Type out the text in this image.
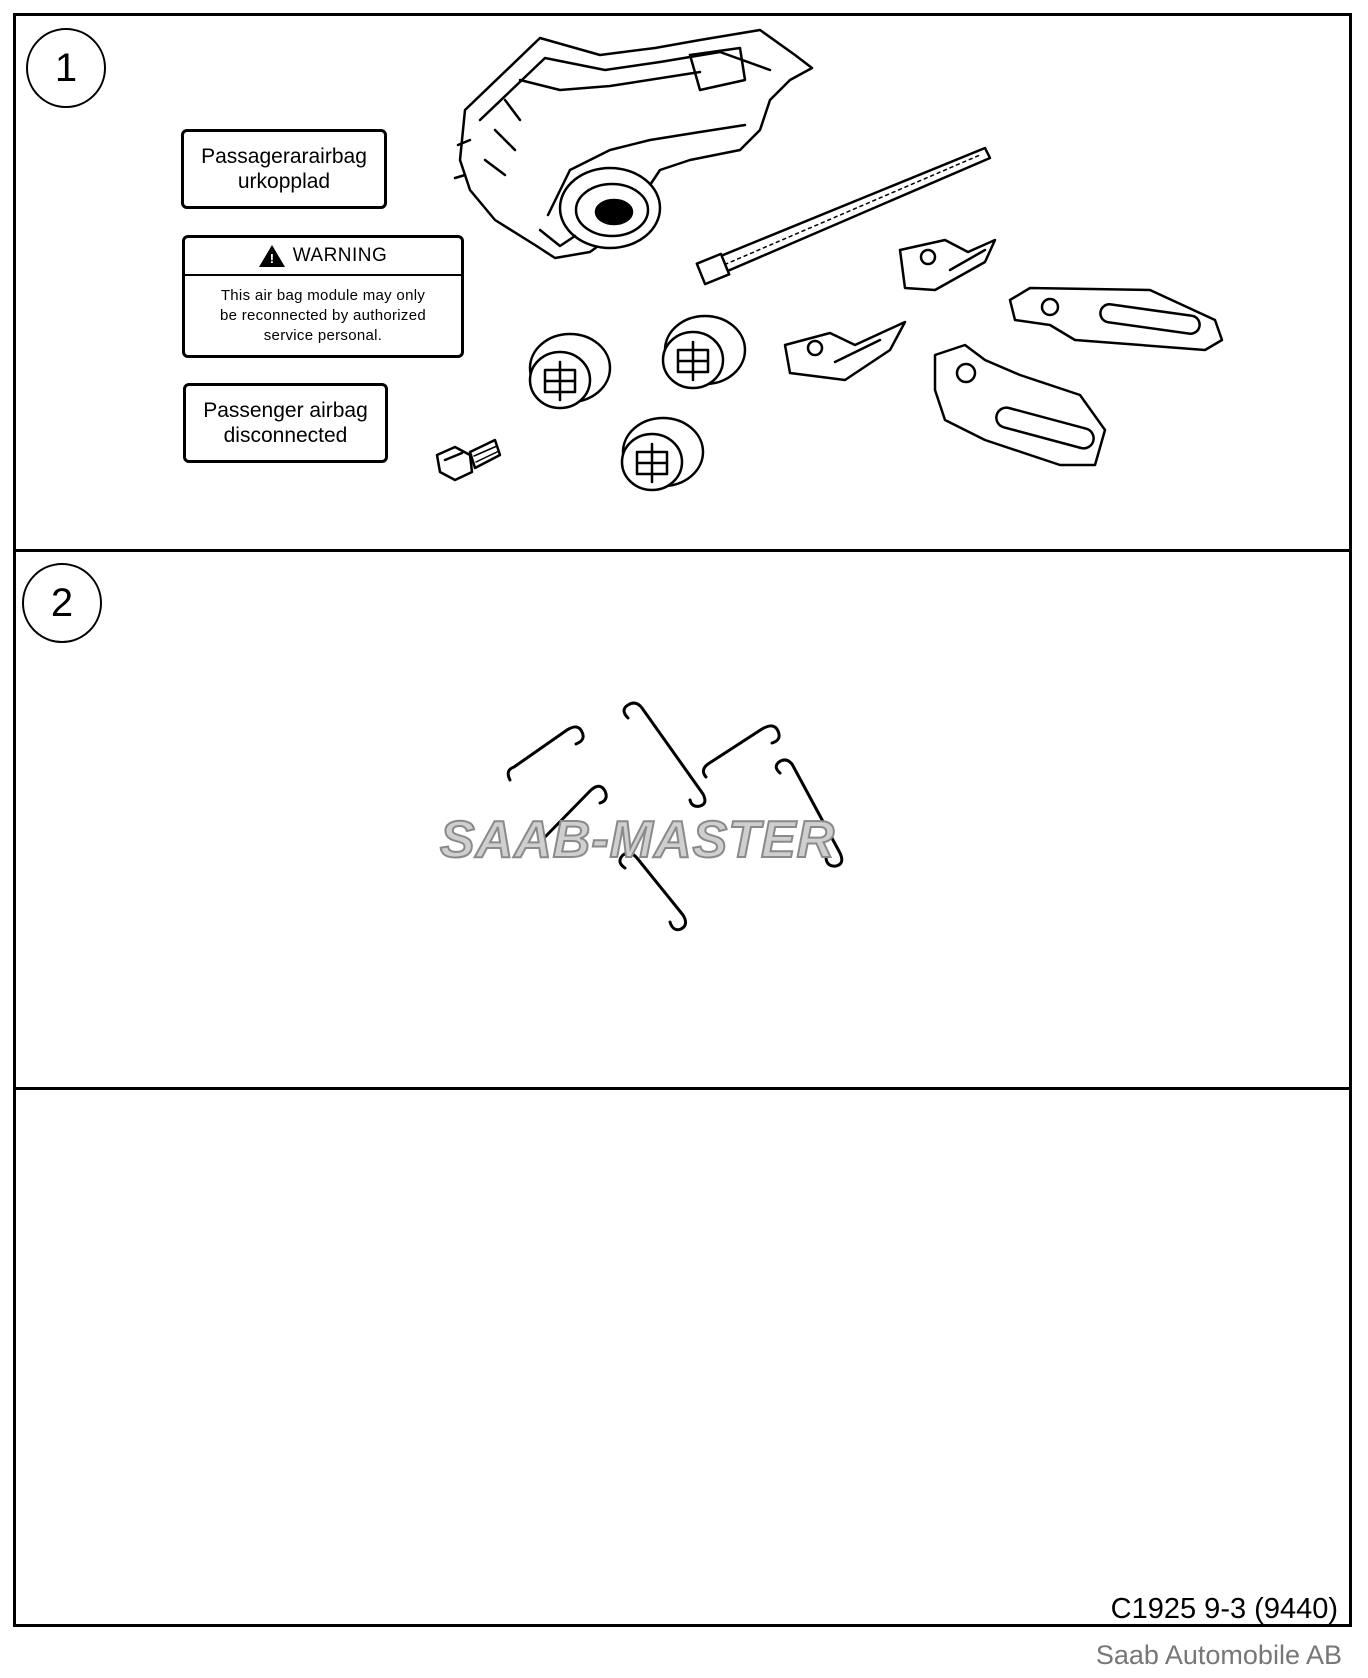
1
2
Passagerarairbag
urkopplad
! WARNING
This air bag module may only
be reconnected by authorized
service personal.
Passenger airbag
disconnected
SAAB-MASTER
C1925 9-3 (9440)
Saab Automobile AB
